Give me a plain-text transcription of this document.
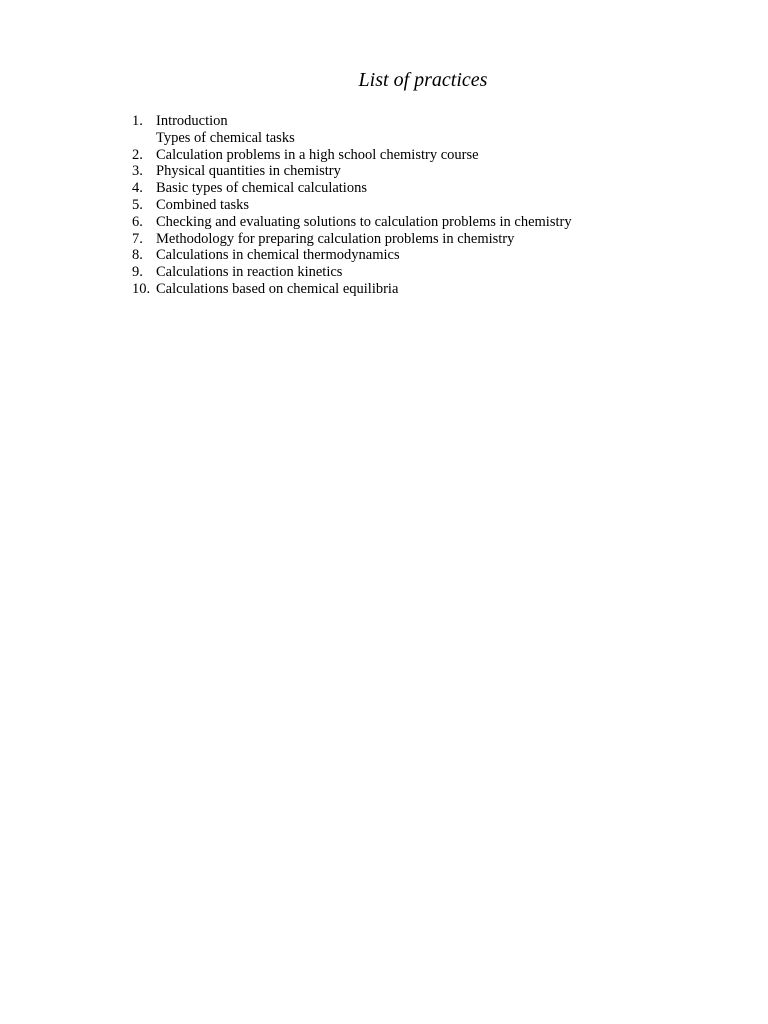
List of practices
1. Introduction
Types of chemical tasks
2. Calculation problems in a high school chemistry course
3. Physical quantities in chemistry
4. Basic types of chemical calculations
5. Combined tasks
6. Checking and evaluating solutions to calculation problems in chemistry
7. Methodology for preparing calculation problems in chemistry
8. Calculations in chemical thermodynamics
9. Calculations in reaction kinetics
10. Calculations based on chemical equilibria
